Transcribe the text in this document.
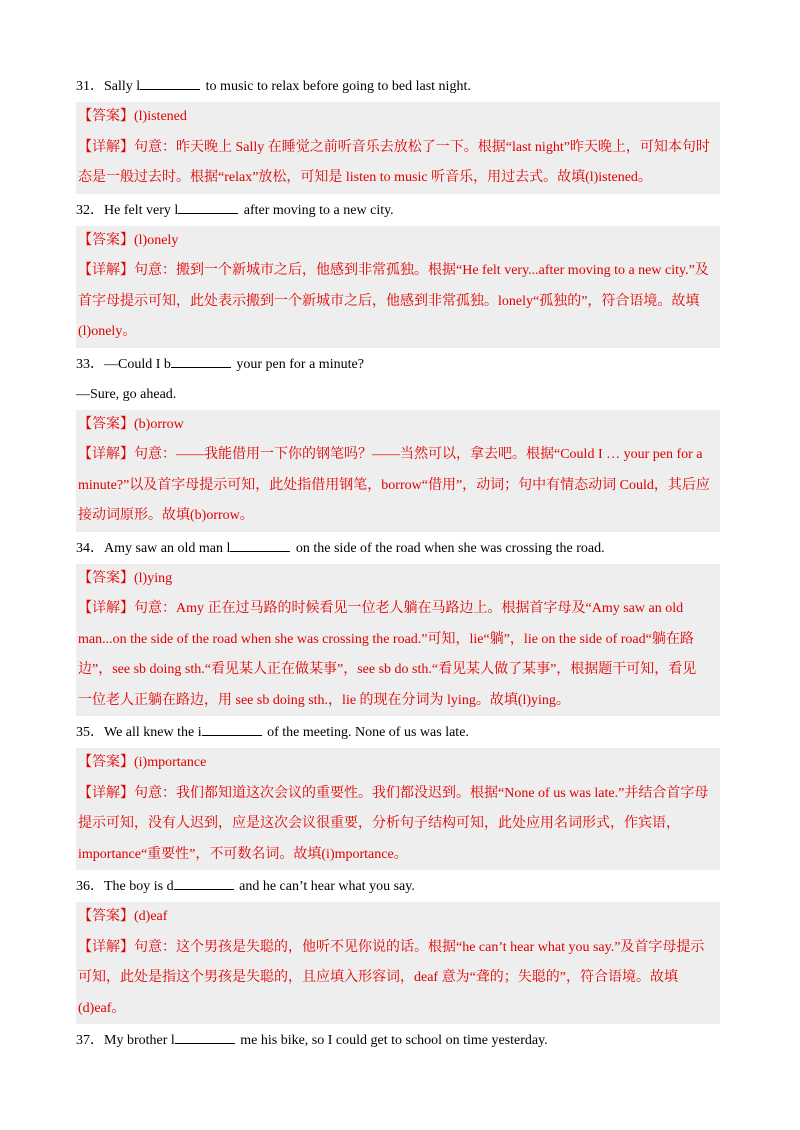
31．Sally l	to music to relax before going to bed last night.

【答案】(l)istened

【详解】句意：昨天晚上 Sally 在睡觉之前听音乐去放松了一下。根据“last night”昨天晚上，可知本句时

态是一般过去时。根据“relax”放松，可知是 listen to music 听音乐，用过去式。故填(l)istened。

32．He felt very l	after moving to a new city.

【答案】(l)onely

【详解】句意：搬到一个新城市之后，他感到非常孤独。根据“He felt very...after moving to a new city.”及

首字母提示可知，此处表示搬到一个新城市之后，他感到非常孤独。lonely“孤独的”，符合语境。故填

(l)onely。

33．—Could I b	your pen for a minute?
—Sure, go ahead.

【答案】(b)orrow

【详解】句意：——我能借用一下你的钢笔吗？——当然可以，拿去吧。根据“Could I … your pen for a

minute?”以及首字母提示可知，此处指借用钢笔，borrow“借用”，动词；句中有情态动词 Could，其后应

接动词原形。故填(b)orrow。

34．Amy saw an old man l	on the side of the road when she was crossing the road.

【答案】(l)ying

【详解】句意：Amy 正在过马路的时候看见一位老人躺在马路边上。根据首字母及“Amy saw an old

man...on the side of the road when she was crossing the road.”可知，lie“躺”，lie on the side of road“躺在路

边”，see sb doing sth.“看见某人正在做某事”，see sb do sth.“看见某人做了某事”，根据题干可知，看见

一位老人正躺在路边，用 see sb doing sth.，lie 的现在分词为 lying。故填(l)ying。

35．We all knew the i	of the meeting. None of us was late.

【答案】(i)mportance

【详解】句意：我们都知道这次会议的重要性。我们都没迟到。根据“None of us was late.”并结合首字母

提示可知，没有人迟到，应是这次会议很重要，分析句子结构可知，此处应用名词形式，作宾语，

importance“重要性”，不可数名词。故填(i)mportance。

36．The boy is d	and he can’t hear what you say.

【答案】(d)eaf

【详解】句意：这个男孩是失聪的，他听不见你说的话。根据“he can’t hear what you say.”及首字母提示

可知，此处是指这个男孩是失聪的，且应填入形容词，deaf 意为“聋的；失聪的”，符合语境。故填

(d)eaf。

37．My brother l	me his bike, so I could get to school on time yesterday.
